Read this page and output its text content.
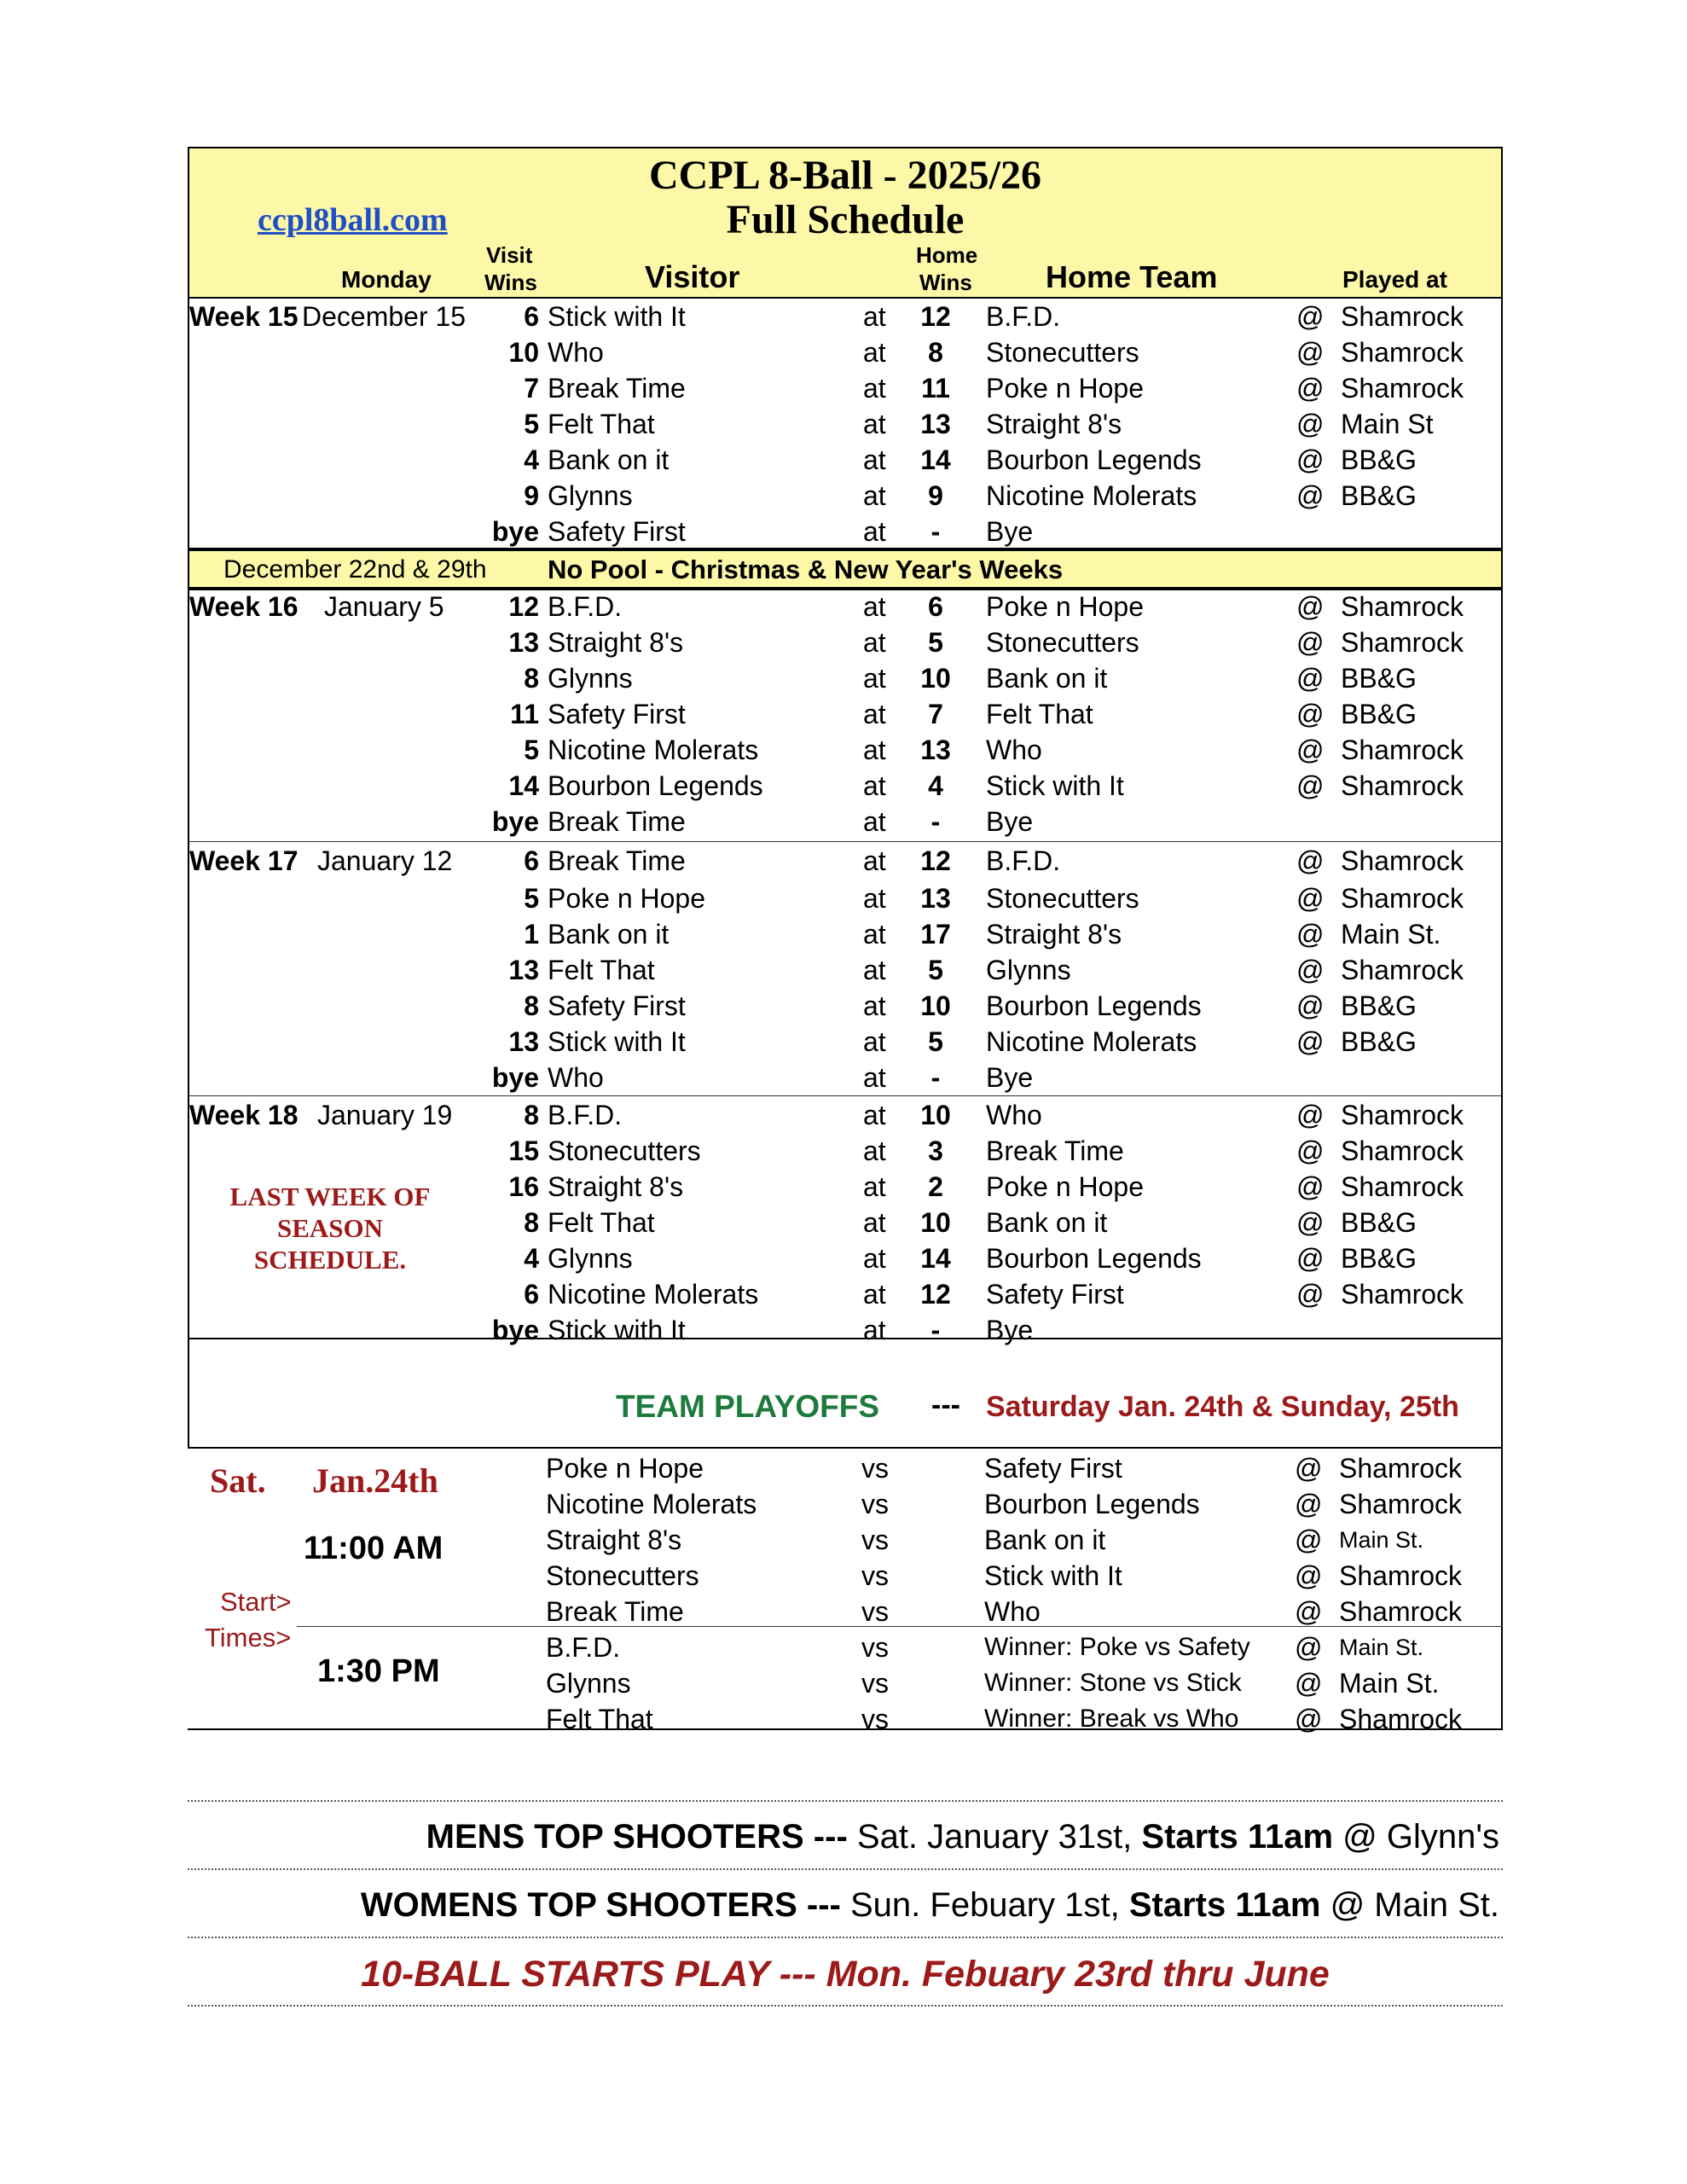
CCPL 8-Ball - 2025/26
Full Schedule
ccpl8ball.com
Monday
Visit
Wins	Visitor
Home
Wins Home Team	Played at
Week 15 December 15	6 Stick with It	at	12	B.F.D.	@ Shamrock
10 Who	at	8	Stonecutters	@ Shamrock
7 Break Time	at	11	Poke n Hope	@ Shamrock
5 Felt That	at	13	Straight 8's	@ Main St
4 Bank on it	at	14	Bourbon Legends	@ BB&G
9 Glynns	at	9	Nicotine Molerats	@ BB&G
bye Safety First	at	-	Bye
December 22nd & 29th No Pool - Christmas & New Year's Weeks
Week 16 January 5	12 B.F.D.	at	6	Poke n Hope	@ Shamrock
13 Straight 8's	at	5	Stonecutters	@ Shamrock
8 Glynns	at	10	Bank on it	@ BB&G
11 Safety First	at	7	Felt That	@ BB&G
5 Nicotine Molerats	at	13	Who	@ Shamrock
14 Bourbon Legends	at	4	Stick with It	@ Shamrock
bye Break Time	at	-	Bye
Week 17 January 12	6 Break Time	at	12	B.F.D.	@ Shamrock
5 Poke n Hope	at	13	Stonecutters	@ Shamrock
1 Bank on it	at	17	Straight 8's	@ Main St.
13 Felt That	at	5	Glynns	@ Shamrock
8 Safety First	at	10	Bourbon Legends	@ BB&G
13 Stick with It	at	5	Nicotine Molerats	@ BB&G
bye Who	at	-	Bye
Week 18 January 19	8 B.F.D.	at	10	Who	@ Shamrock
15 Stonecutters	at	3	Break Time	@ Shamrock
16 Straight 8's	at	2	Poke n Hope	@ Shamrock
8 Felt That	at	10	Bank on it	@ BB&G
4 Glynns	at	14	Bourbon Legends	@ BB&G
6 Nicotine Molerats	at	12	Safety First	@ Shamrock
bye Stick with It	at	-	Bye
LAST WEEK OF
SEASON
SCHEDULE.
TEAM PLAYOFFS --- Saturday Jan. 24th & Sunday, 25th
Sat. Jan.24th
11:00 AM
Start>
Times>
1:30 PM
Poke n Hope	vs	Safety First	@ Shamrock
Nicotine Molerats	vs	Bourbon Legends	@ Shamrock
Straight 8's	vs	Bank on it	@ Main St.
Stonecutters	vs	Stick with It	@ Shamrock
Break Time	vs	Who	@ Shamrock
B.F.D.	vs	Winner: Poke vs Safety @ Main St.
Glynns	vs	Winner: Stone vs Stick @ Main St.
Felt That	vs	Winner: Break vs Who @ Shamrock
MENS TOP SHOOTERS --- Sat. January 31st, Starts 11am @ Glynn's
WOMENS TOP SHOOTERS --- Sun. Febuary 1st, Starts 11am @ Main St.
10-BALL STARTS PLAY --- Mon. Febuary 23rd thru June
